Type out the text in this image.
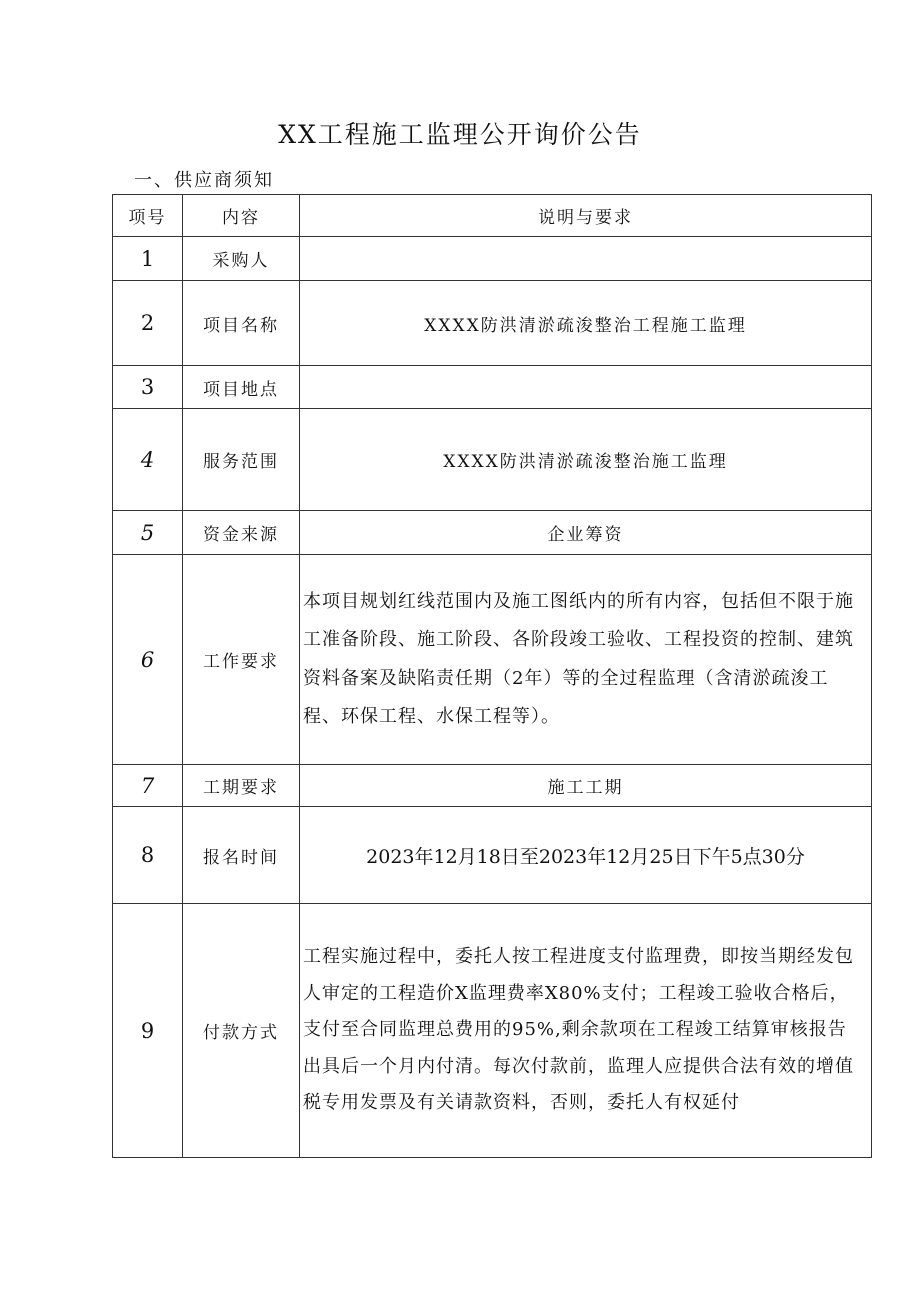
XX工程施工监理公开询价公告
一、供应商须知
项号	内容	说明与要求
1	采购人	
2	项目名称	XXXX防洪清淤疏浚整治工程施工监理
3	项目地点	
4	服务范围	XXXX防洪清淤疏浚整治施工监理
5	资金来源	企业筹资
6	工作要求	本项目规划红线范围内及施工图纸内的所有内容，包括但不限于施工准备阶段、施工阶段、各阶段竣工验收、工程投资的控制、建筑资料备案及缺陷责任期（2年）等的全过程监理（含清淤疏浚工程、环保工程、水保工程等）。
7	工期要求	施工工期
8	报名时间	2023年12月18日至2023年12月25日下午5点30分
9	付款方式	工程实施过程中，委托人按工程进度支付监理费，即按当期经发包人审定的工程造价X监理费率X80%支付；工程竣工验收合格后，支付至合同监理总费用的95%,剩余款项在工程竣工结算审核报告出具后一个月内付清。每次付款前，监理人应提供合法有效的增值税专用发票及有关请款资料，否则，委托人有权延付
